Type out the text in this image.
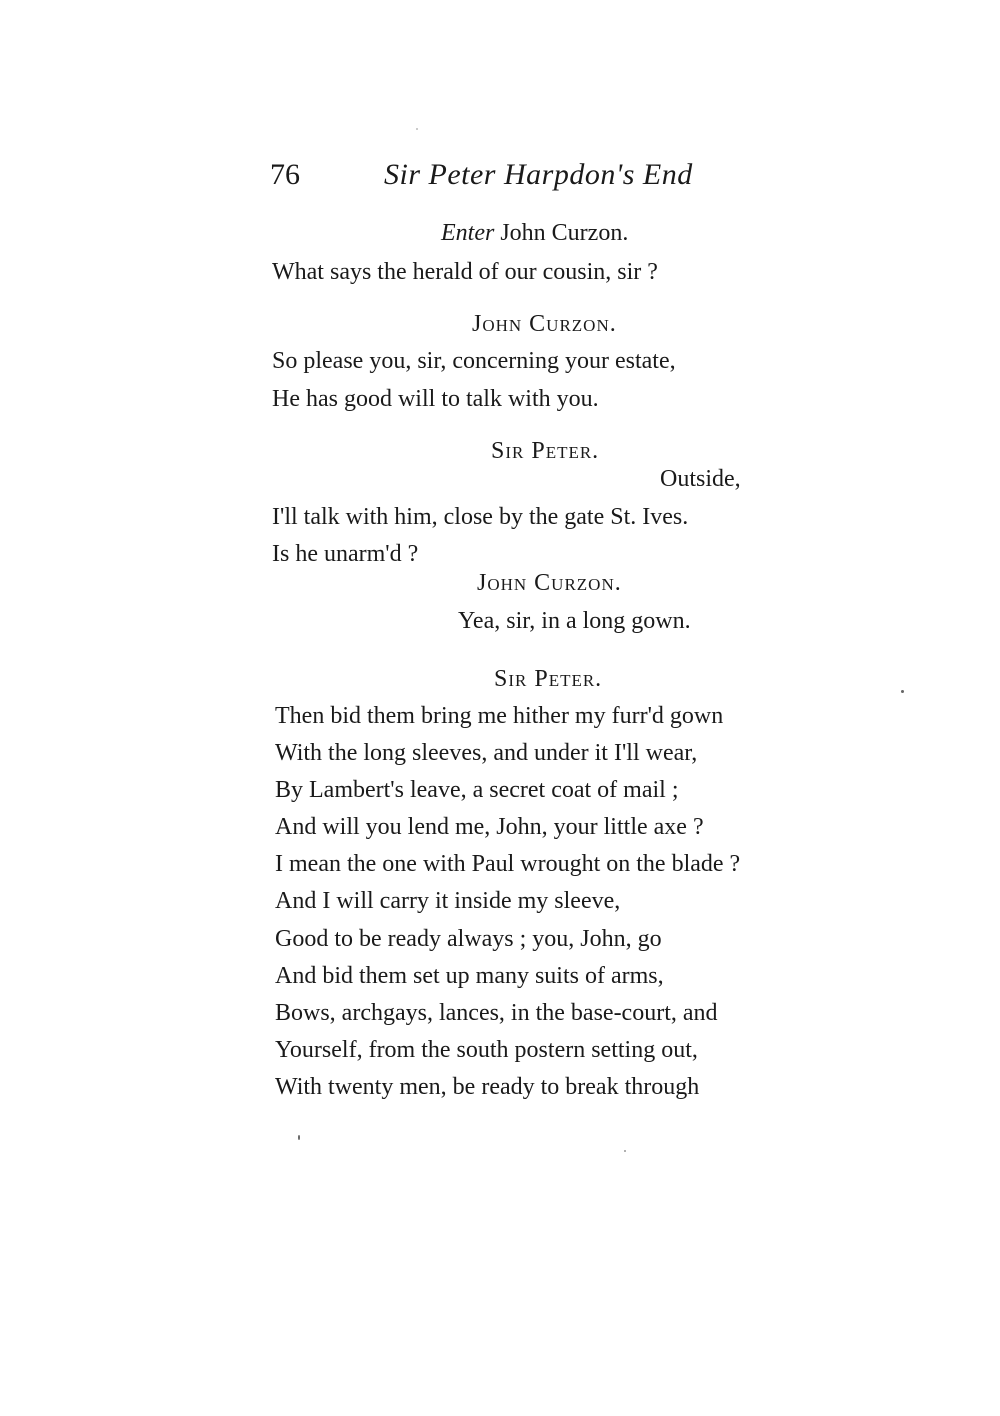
76	Sir Peter Harpdon's End
Enter John Curzon.
What says the herald of our cousin, sir ?
John Curzon.
So please you, sir, concerning your estate,
He has good will to talk with you.
Sir Peter.
Outside,
I'll talk with him, close by the gate St. Ives.
Is he unarm'd ?
John Curzon.
Yea, sir, in a long gown.
Sir Peter.
Then bid them bring me hither my furr'd gown
With the long sleeves, and under it I'll wear,
By Lambert's leave, a secret coat of mail ;
And will you lend me, John, your little axe ?
I mean the one with Paul wrought on the blade ?
And I will carry it inside my sleeve,
Good to be ready always ; you, John, go
And bid them set up many suits of arms,
Bows, archgays, lances, in the base-court, and
Yourself, from the south postern setting out,
With twenty men, be ready to break through
